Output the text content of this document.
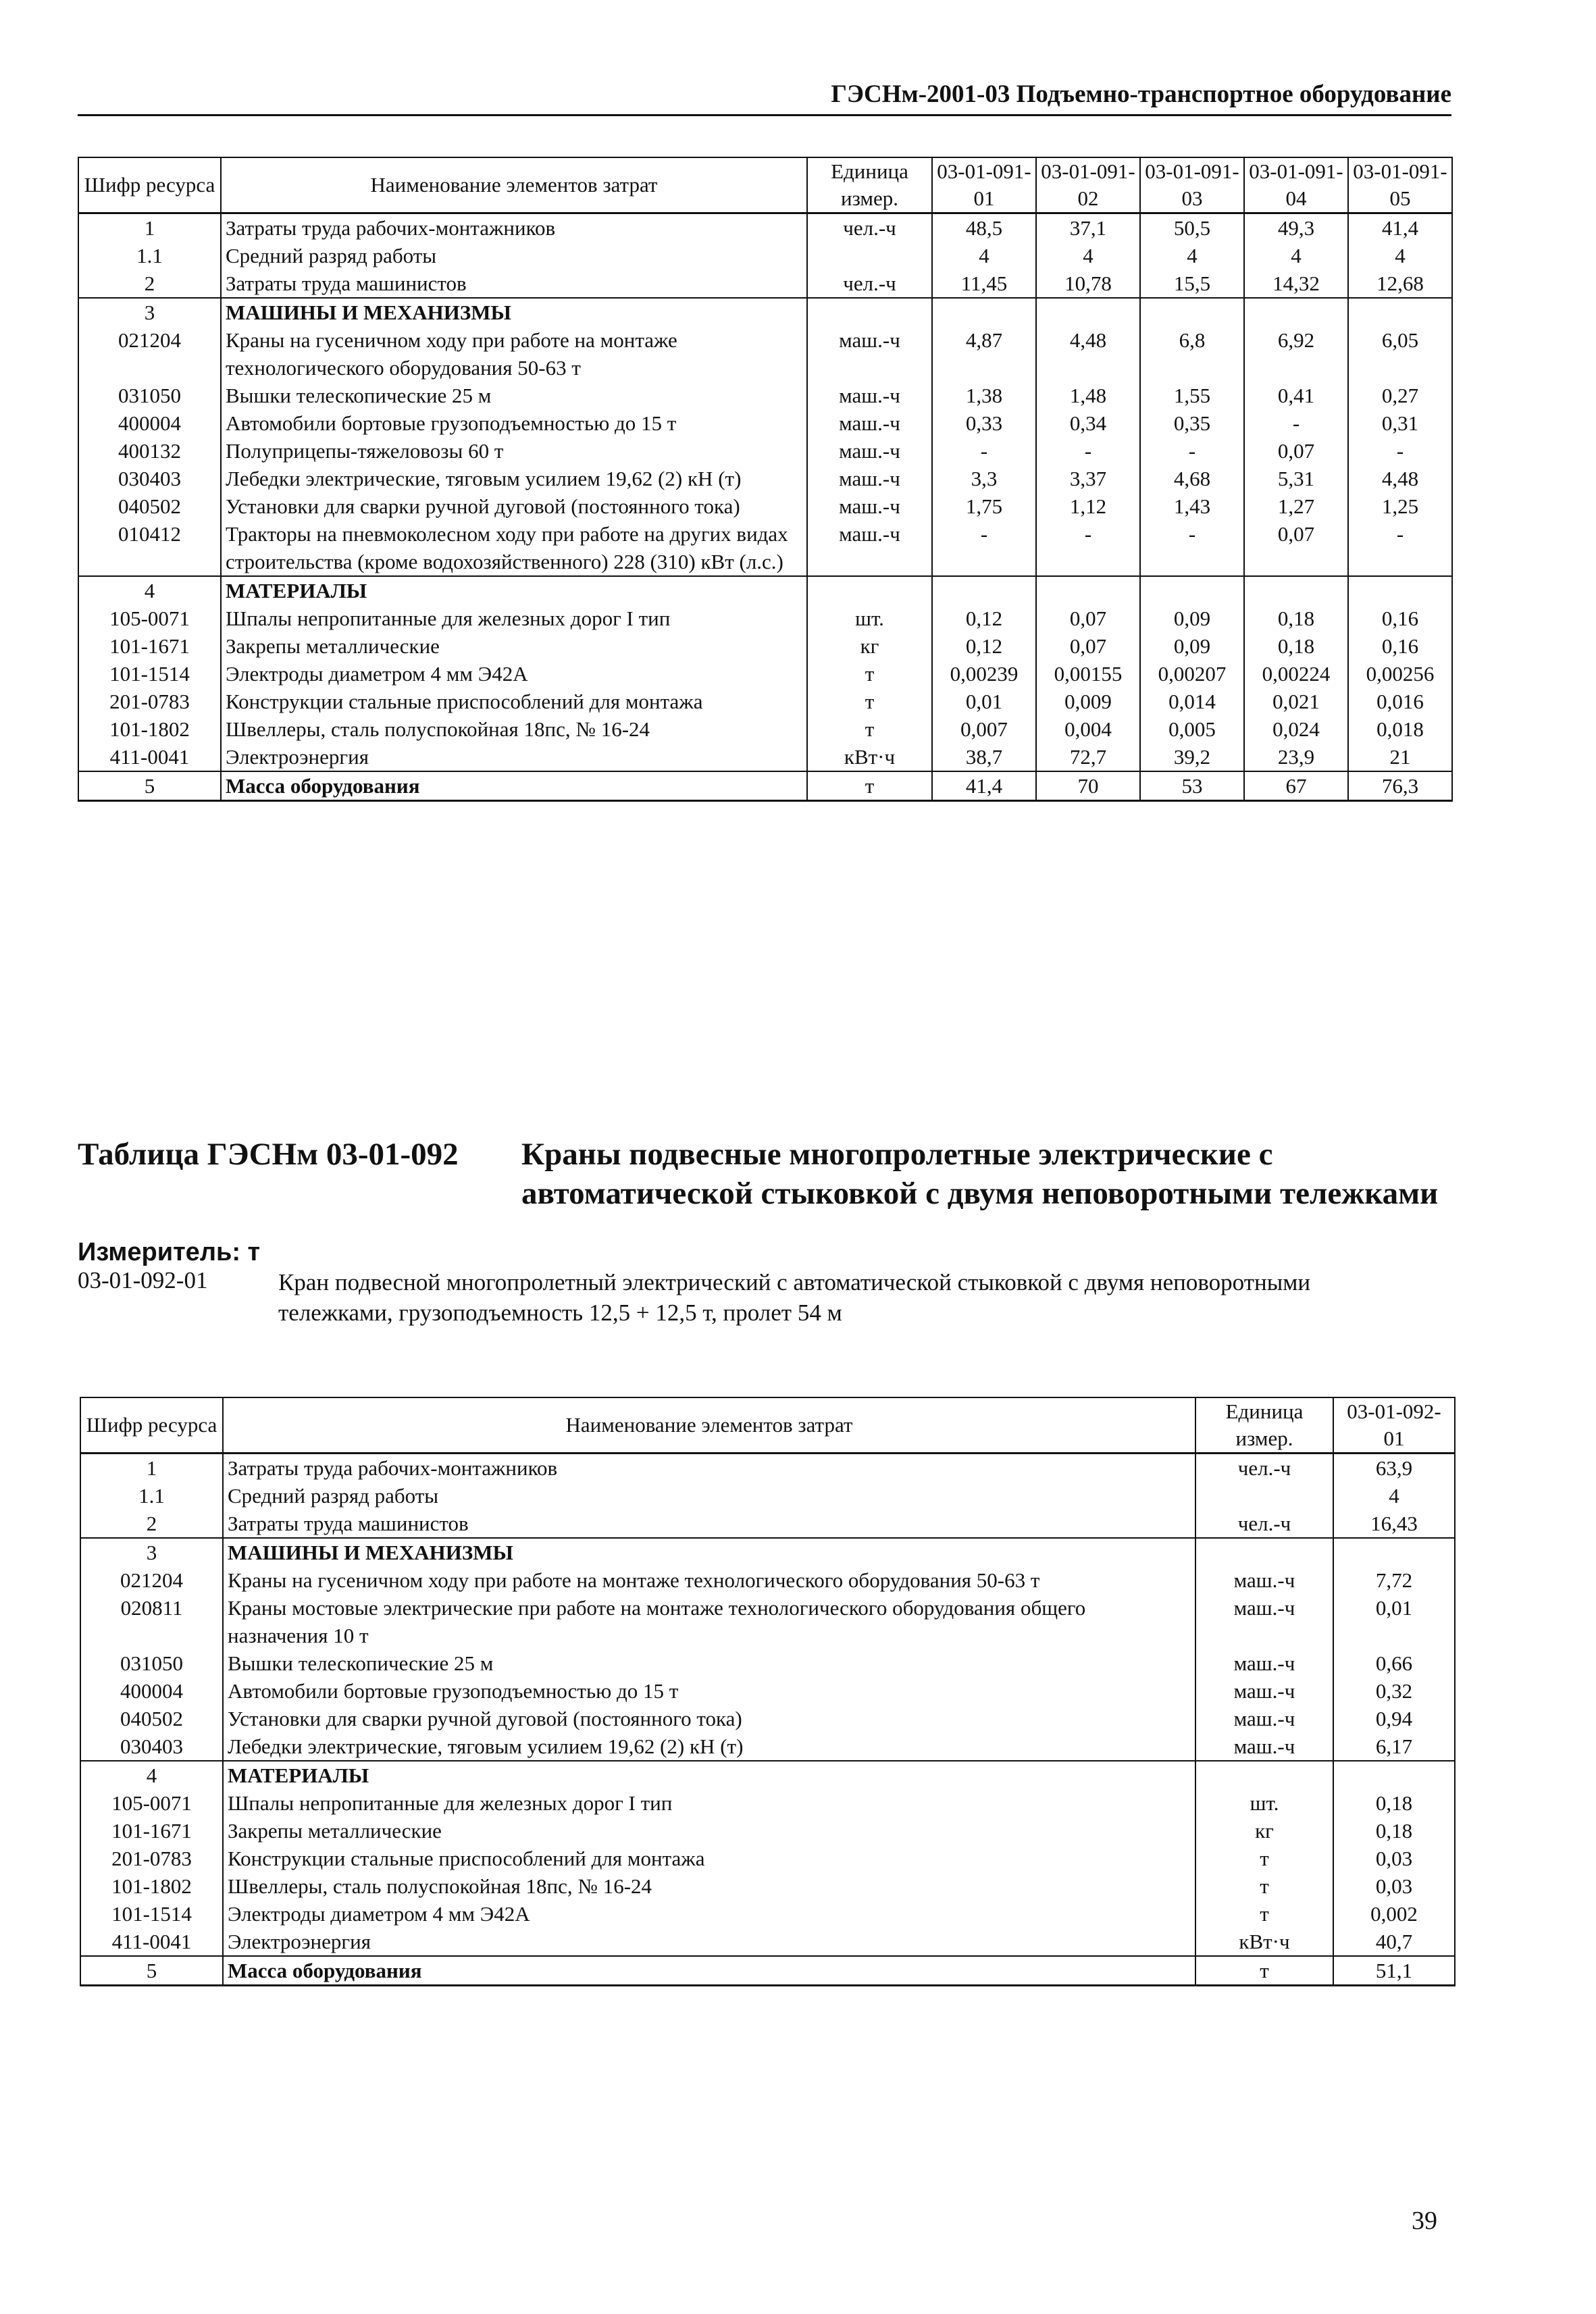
ГЭСНм-2001-03 Подъемно-транспортное оборудование
Шифр ресурса	Наименование элементов затрат	Единица измер.	03-01-091-01	03-01-091-02	03-01-091-03	03-01-091-04	03-01-091-05
1	Затраты труда рабочих-монтажников	чел.-ч	48,5	37,1	50,5	49,3	41,4
1.1	Средний разряд работы		4	4	4	4	4
2	Затраты труда машинистов	чел.-ч	11,45	10,78	15,5	14,32	12,68
3	МАШИНЫ И МЕХАНИЗМЫ						
021204	Краны на гусеничном ходу при работе на монтаже технологического оборудования 50-63 т	маш.-ч	4,87	4,48	6,8	6,92	6,05
031050	Вышки телескопические 25 м	маш.-ч	1,38	1,48	1,55	0,41	0,27
400004	Автомобили бортовые грузоподъемностью до 15 т	маш.-ч	0,33	0,34	0,35	-	0,31
400132	Полуприцепы-тяжеловозы 60 т	маш.-ч	-	-	-	0,07	-
030403	Лебедки электрические, тяговым усилием 19,62 (2) кН (т)	маш.-ч	3,3	3,37	4,68	5,31	4,48
040502	Установки для сварки ручной дуговой (постоянного тока)	маш.-ч	1,75	1,12	1,43	1,27	1,25
010412	Тракторы на пневмоколесном ходу при работе на других видах строительства (кроме водохозяйственного) 228 (310) кВт (л.с.)	маш.-ч	-	-	-	0,07	-
4	МАТЕРИАЛЫ						
105-0071	Шпалы непропитанные для железных дорог I тип	шт.	0,12	0,07	0,09	0,18	0,16
101-1671	Закрепы металлические	кг	0,12	0,07	0,09	0,18	0,16
101-1514	Электроды диаметром 4 мм Э42А	т	0,00239	0,00155	0,00207	0,00224	0,00256
201-0783	Конструкции стальные приспособлений для монтажа	т	0,01	0,009	0,014	0,021	0,016
101-1802	Швеллеры, сталь полуспокойная 18пс, № 16-24	т	0,007	0,004	0,005	0,024	0,018
411-0041	Электроэнергия	кВт·ч	38,7	72,7	39,2	23,9	21
5	Масса оборудования	т	41,4	70	53	67	76,3
Таблица ГЭСНм 03-01-092 Краны подвесные многопролетные электрические с автоматической стыковкой с двумя неповоротными тележками
Измеритель: т
03-01-092-01	Кран подвесной многопролетный электрический с автоматической стыковкой с двумя неповоротными тележками, грузоподъемность 12,5 + 12,5 т, пролет 54 м
Шифр ресурса	Наименование элементов затрат	Единица измер.	03-01-092-01
1	Затраты труда рабочих-монтажников	чел.-ч	63,9
1.1	Средний разряд работы		4
2	Затраты труда машинистов	чел.-ч	16,43
3	МАШИНЫ И МЕХАНИЗМЫ		
021204	Краны на гусеничном ходу при работе на монтаже технологического оборудования 50-63 т	маш.-ч	7,72
020811	Краны мостовые электрические при работе на монтаже технологического оборудования общего назначения 10 т	маш.-ч	0,01
031050	Вышки телескопические 25 м	маш.-ч	0,66
400004	Автомобили бортовые грузоподъемностью до 15 т	маш.-ч	0,32
040502	Установки для сварки ручной дуговой (постоянного тока)	маш.-ч	0,94
030403	Лебедки электрические, тяговым усилием 19,62 (2) кН (т)	маш.-ч	6,17
4	МАТЕРИАЛЫ		
105-0071	Шпалы непропитанные для железных дорог I тип	шт.	0,18
101-1671	Закрепы металлические	кг	0,18
201-0783	Конструкции стальные приспособлений для монтажа	т	0,03
101-1802	Швеллеры, сталь полуспокойная 18пс, № 16-24	т	0,03
101-1514	Электроды диаметром 4 мм Э42А	т	0,002
411-0041	Электроэнергия	кВт·ч	40,7
5	Масса оборудования	т	51,1
39
